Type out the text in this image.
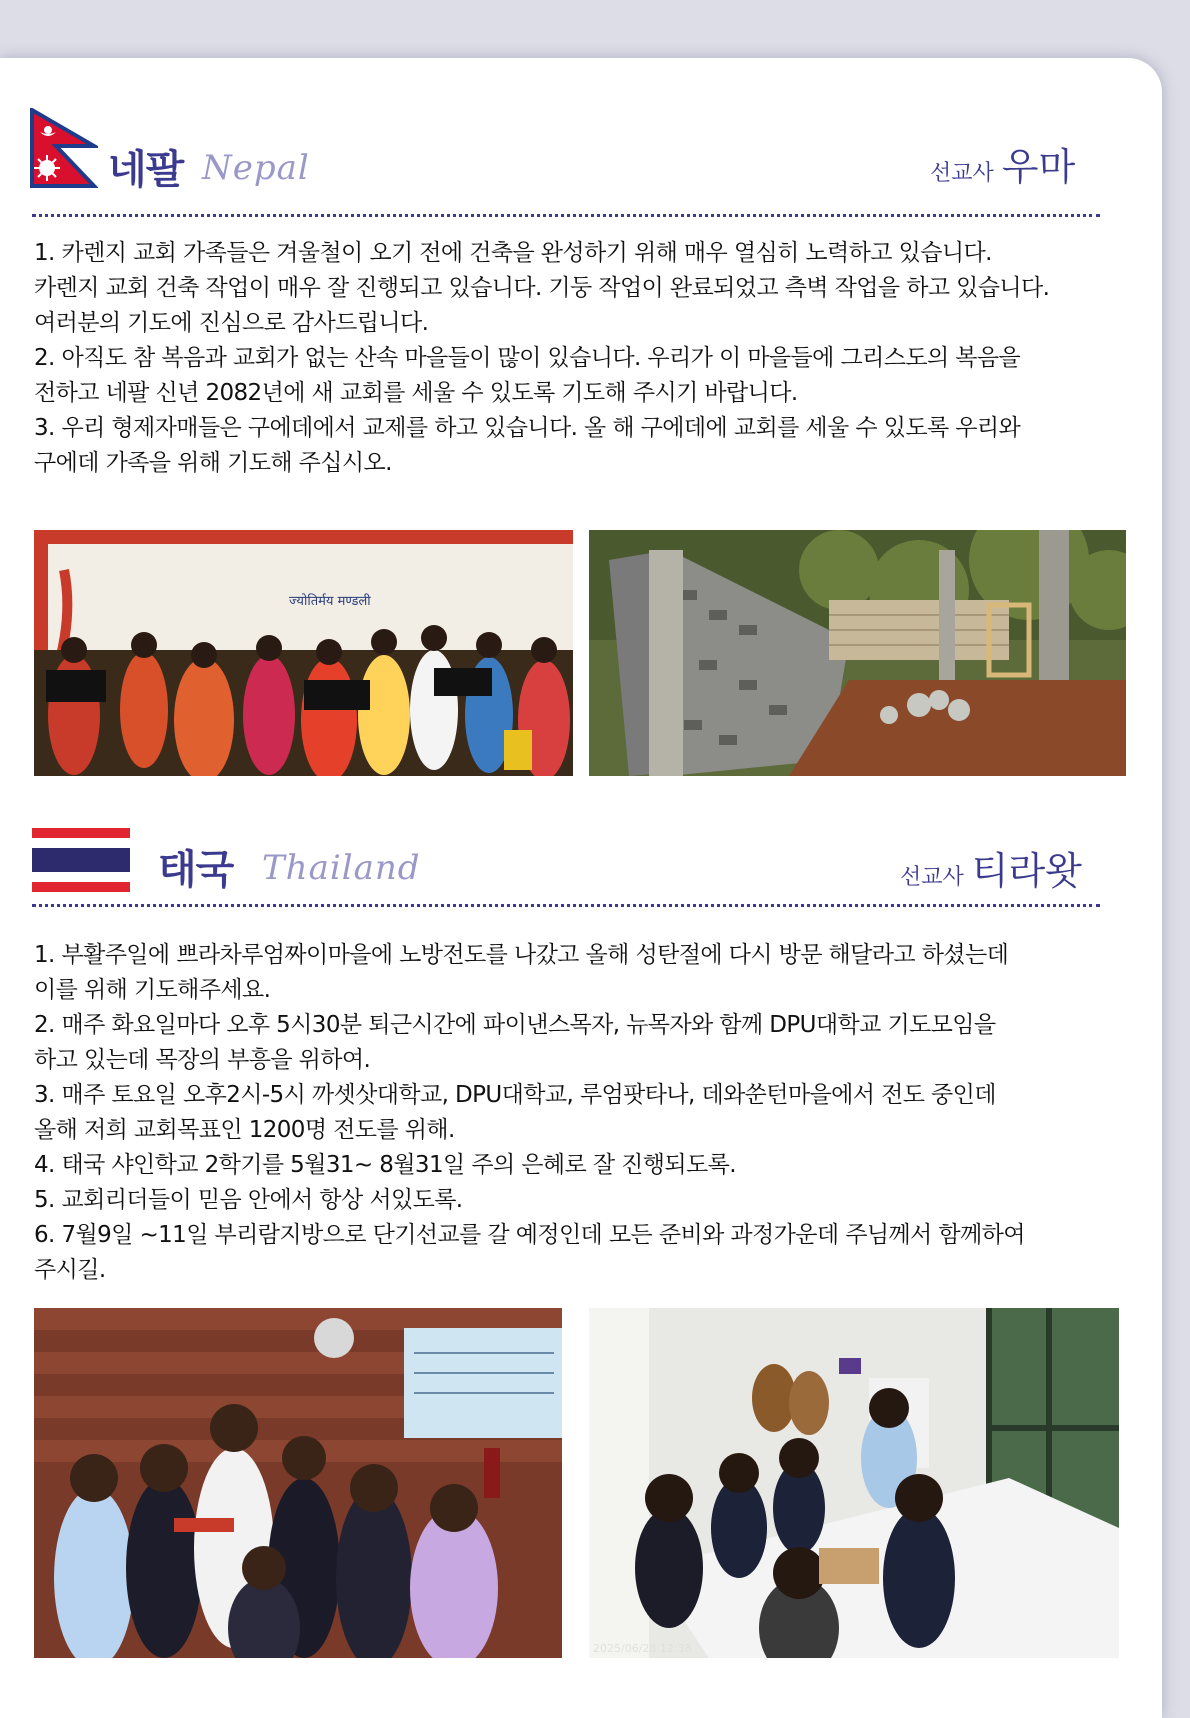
네팔 Nepal	선교사 우마
1. 카렌지 교회 가족들은 겨울철이 오기 전에 건축을 완성하기 위해 매우 열심히 노력하고 있습니다.
카렌지 교회 건축 작업이 매우 잘 진행되고 있습니다. 기둥 작업이 완료되었고 측벽 작업을 하고 있습니다.
여러분의 기도에 진심으로 감사드립니다.
2. 아직도 참 복음과 교회가 없는 산속 마을들이 많이 있습니다. 우리가 이 마을들에 그리스도의 복음을
전하고 네팔 신년 2082년에 새 교회를 세울 수 있도록 기도해 주시기 바랍니다.
3. 우리 형제자매들은 구에데에서 교제를 하고 있습니다. 올 해 구에데에 교회를 세울 수 있도록 우리와
구에데 가족을 위해 기도해 주십시오.
ज्योतिर्मय मण्डली
태국 Thailand	선교사 티라왓
1. 부활주일에 쁘라차루엄짜이마을에 노방전도를 나갔고 올해 성탄절에 다시 방문 해달라고 하셨는데
이를 위해 기도해주세요.
2. 매주 화요일마다 오후 5시30분 퇴근시간에 파이낸스목자, 뉴목자와 함께 DPU대학교 기도모임을
하고 있는데 목장의 부흥을 위하여.
3. 매주 토요일 오후2시-5시 까셋삿대학교, DPU대학교, 루엄팟타나, 데와쑨턴마을에서 전도 중인데
올해 저희 교회목표인 1200명 전도를 위해.
4. 태국 샤인학교 2학기를 5월31~ 8월31일 주의 은혜로 잘 진행되도록.
5. 교회리더들이 믿음 안에서 항상 서있도록.
6. 7월9일 ~11일 부리람지방으로 단기선교를 갈 예정인데 모든 준비와 과정가운데 주님께서 함께하여
주시길.
2025/06/28 12:38
